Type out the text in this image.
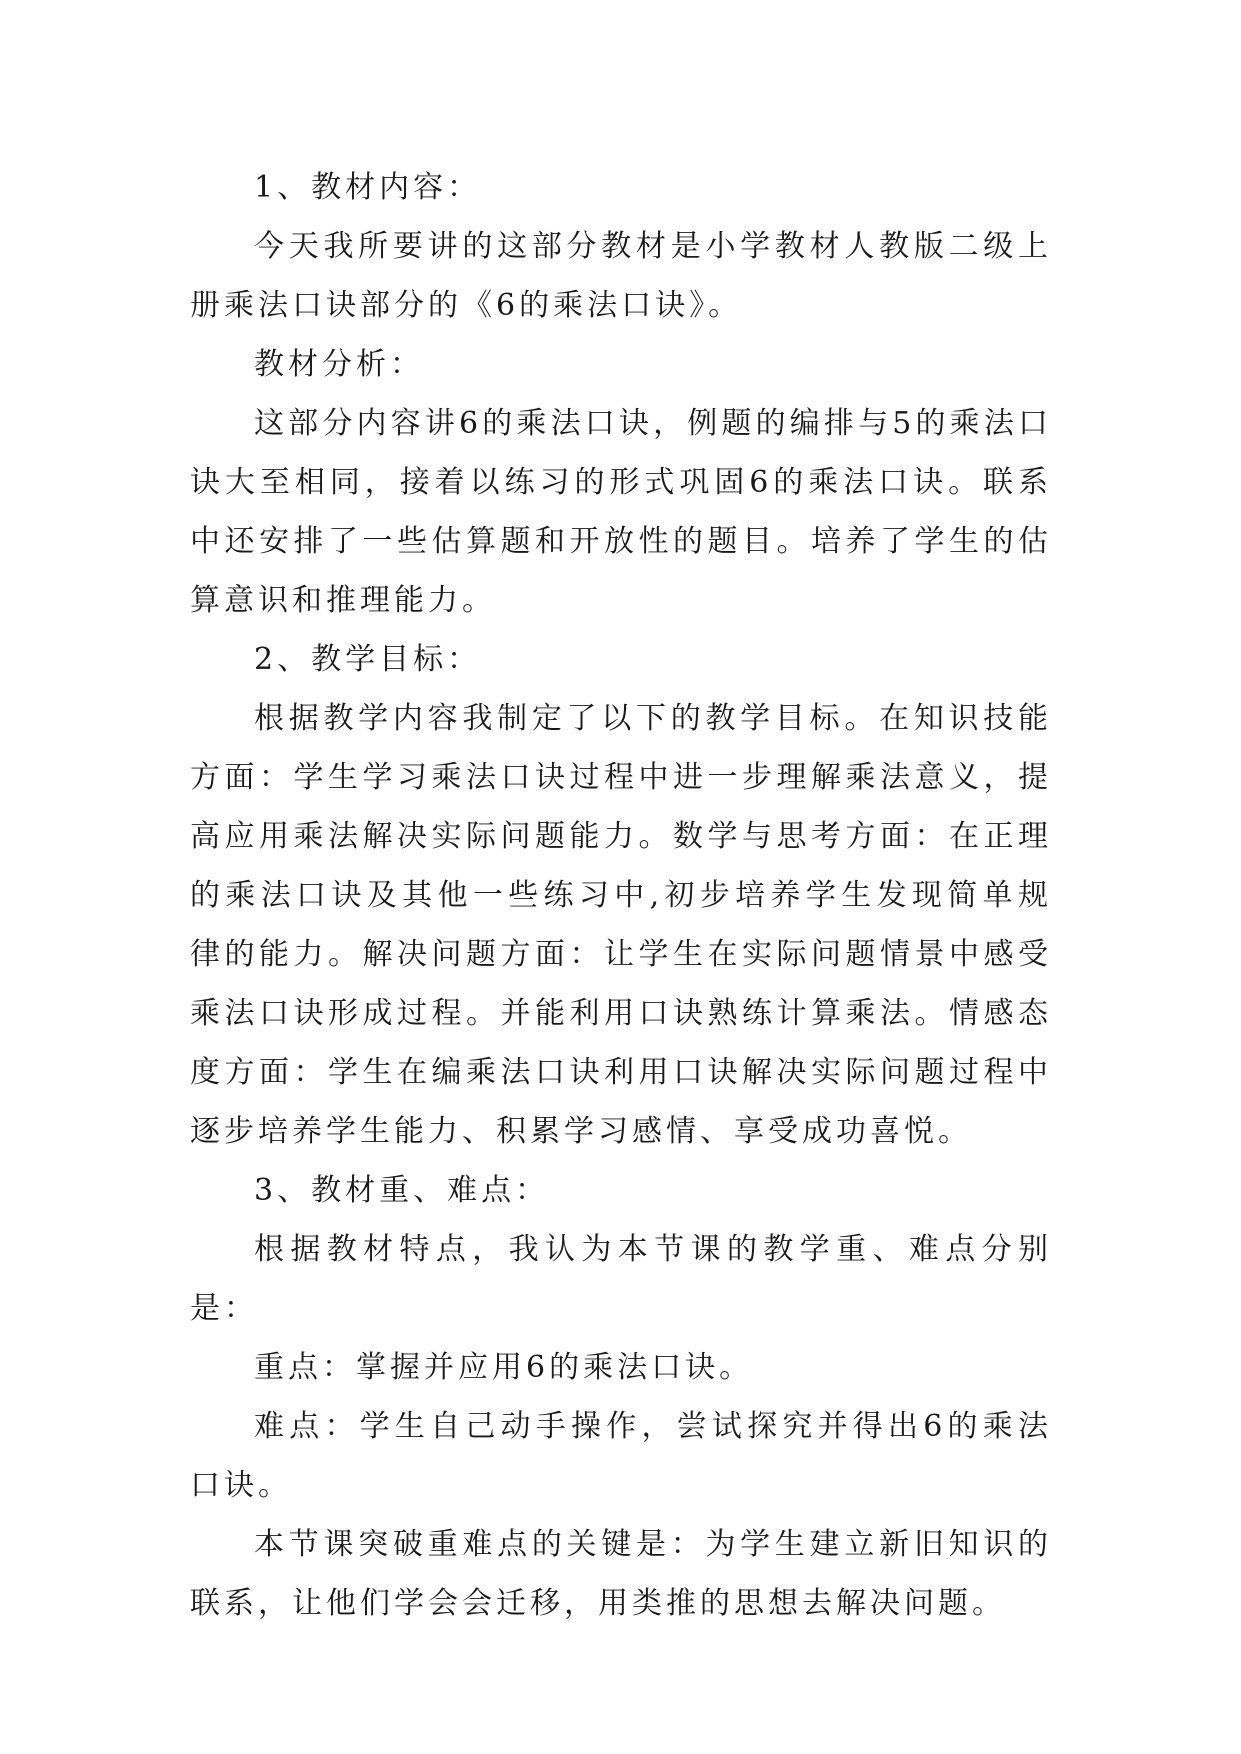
1、教材内容：

今天我所要讲的这部分教材是小学教材人教版二级上册乘法口诀部分的《6的乘法口诀》。

教材分析：

这部分内容讲6的乘法口诀，例题的编排与5的乘法口诀大至相同，接着以练习的形式巩固6的乘法口诀。联系中还安排了一些估算题和开放性的题目。培养了学生的估算意识和推理能力。

2、教学目标：

根据教学内容我制定了以下的教学目标。在知识技能方面：学生学习乘法口诀过程中进一步理解乘法意义，提高应用乘法解决实际问题能力。数学与思考方面：在正理的乘法口诀及其他一些练习中,初步培养学生发现简单规律的能力。解决问题方面：让学生在实际问题情景中感受乘法口诀形成过程。并能利用口诀熟练计算乘法。情感态度方面：学生在编乘法口诀利用口诀解决实际问题过程中逐步培养学生能力、积累学习感情、享受成功喜悦。

3、教材重、难点：

根据教材特点，我认为本节课的教学重、难点分别是：

重点：掌握并应用6的乘法口诀。

难点：学生自己动手操作，尝试探究并得出6的乘法口诀。

本节课突破重难点的关键是：为学生建立新旧知识的联系，让他们学会会迁移，用类推的思想去解决问题。
